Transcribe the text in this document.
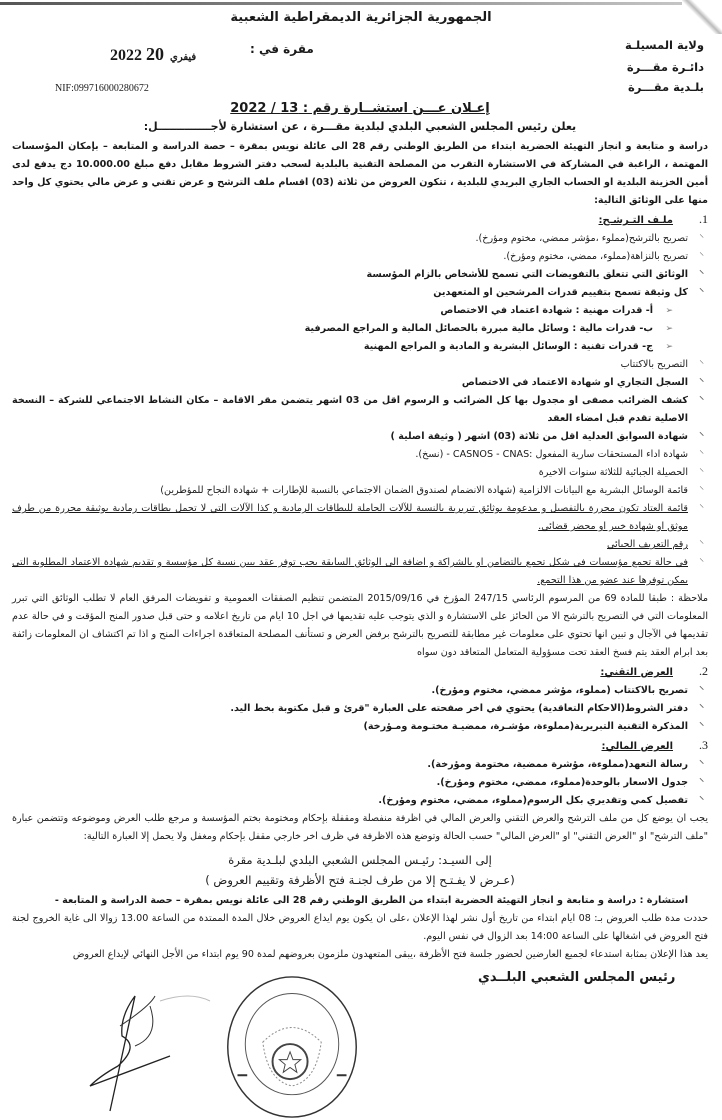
الجمهورية الجزائرية الديمقراطية الشعبية
ولاية المسيلـة
دائـرة مقـــرة
بلـدية مقـــرة
مقرة في :
2022	فيفري20
NIF:099716000280672

إعـلان عـــن استشــارة رقم : 13 / 2022

يعلن رئيس المجلس الشعبي البلدي لبلدية مقـــرة ، عن استشارة لأجــــــــــــــل:

دراسة و متابعة و انجاز التهيئة الحضرية ابتداء من الطريق الوطني رقم 28 الى عائلة نويس بمقرة – حصة الدراسة و المتابعة – بإمكان المؤسسات المهتمة ، الراغبة في المشاركة في الاستشارة التقرب من المصلحة التقنية بالبلدية لسحب دفتر الشروط مقابل دفع مبلغ 10.000.00 دج يدفع لدى أمين الخزينة البلدية او الحساب الجاري البريدي للبلدية ، تتكون العروض من ثلاثة (03) اقسام ملف الترشح و عرض تقني و عرض مالي يحتوي كل واحد منها على الوثائق التالية:

1.ملـف التـرشـح:

⸍ تصريح بالترشح(مملوء ،مؤشر ممضي، مختوم ومؤرخ).
⸍ تصريح بالنزاهة(مملوء، ممضي، مختوم ومؤرخ).
⸍ الوثائق التي تتعلق بالتفويضات التي تسمح للأشخاص بالزام المؤسسة
⸍ كل وثيقة تسمح بتقييم قدرات المرشحين او المتعهدين
➢ أ- قدرات مهنية : شهادة اعتماد في الاختصاص
➢ ب- قدرات مالية : وسائل مالية مبررة بالحصائل المالية و المراجع المصرفية
➢ ج- قدرات تقنية : الوسائل البشرية و المادية و المراجع المهنية
⸍ التصريح بالاكتتاب
⸍ السجل التجاري او شهادة الاعتماد في الاختصاص
⸍ كشف الضرائب مصفى او مجدول بها كل الضرائب و الرسوم اقل من 03 اشهر يتضمن مقر الاقامة – مكان النشاط الاجتماعي للشركة – النسخة الاصلية تقدم قبل امضاء العقد
⸍ شهادة السوابق العدلية اقل من ثلاثة (03) اشهر ( وثيقة اصلية )
⸍ شهادة اداء المستحقات سارية المفعول :CASNOS - CNAS - (نسخ).
⸍ الحصيلة الجبائية للثلاثة سنوات الاخيرة
⸍ قائمة الوسائل البشرية مع البيانات الالزامية (شهادة الانضمام لصندوق الضمان الاجتماعي بالنسبة للإطارات + شهادة النجاح للمؤطرين)
⸍ قائمة العتاد تكون محررة بالتفصيل و مدعومة بوثائق تبريرية بالنسبة للآلات الحاملة للبطاقات الرمادية و كذا الآلات التي لا تحمل بطاقات رمادية بوثيقة محررة من طرف موثق او شهادة خبير او محضر قضائي.
⸍ رقم التعريف الجبائي
⸍ في حالة تجمع مؤسسات في شكل تجمع بالتضامن او بالشراكة و اضافة الى الوثائق السابقة يجب توفر عقد يبين نسبة كل مؤسسة و تقديم شهادة الاعتماد المطلوبة التي يمكن توفرها عند عضو من هذا التجمع.

ملاحظة : طبقا للمادة 69 من المرسوم الرئاسي 247/15 المؤرخ في 2015/09/16 المتضمن تنظيم الصفقات العمومية و تفويضات المرفق العام لا تطلب الوثائق التي تبرر المعلومات التي في التصريح بالترشح الا من الحائز على الاستشارة و الذي يتوجب عليه تقديمها في اجل 10 ايام من تاريخ اعلامه و حتى قبل صدور المنح المؤقت و في حالة عدم تقديمها في الآجال و تبين انها تحتوي على معلومات غير مطابقة للتصريح بالترشح برفض العرض و تستأنف المصلحة المتعاقدة اجراءات المنح و اذا تم اكتشاف ان المعلومات زائفة بعد ابرام العقد يتم فسخ العقد تحت مسؤولية المتعامل المتعاقد دون سواه

2.العرض التقني:

⸍ تصريح بالاكتتاب (مملوء، مؤشر ممضي، مختوم ومؤرخ).
⸍ دفتر الشروط(الاحكام التعاقدية) يحتوي في اخر صفحته على العبارة "قرئ و قبل مكتوبة بخط اليد.
⸍ المذكرة التقنية التبريرية(مملوءة، مؤشـرة، ممضيـة مختـومة ومـؤرخة)

3.العرض المالي:

⸍ رسالة التعهد(مملوءة، مؤشرة ممضية، مختومة ومؤرخة).
⸍ جدول الاسعار بالوحدة(مملوء، ممضي، مختوم ومؤرخ).
⸍ تفصيل كمي وتقديري بكل الرسوم(مملوء، ممضي، مختوم ومؤرخ).

يجب ان يوضع كل من ملف الترشح والعرض التقني والعرض المالي في اظرفة منفصلة ومقفلة بإحكام ومختومة بختم المؤسسة و مرجع طلب العرض وموضوعه وتتضمن عبارة "ملف الترشح" او "العرض التقني" او "العرض المالي" حسب الحالة وتوضع هذه الاظرفة في ظرف اخر خارجي مقفل بإحكام ومغفل ولا يحمل إلا العبارة التالية:

إلى السيـد: رئيـس المجلس الشعبي البلدي لبلـدية مقرة

(عـرض لا يفـتـح إلا من طرف لجنـة فتح الأظرفة وتقييم العروض )

استشارة : دراسة و متابعة و انجاز التهيئة الحضرية ابتداء من الطريق الوطني رقم 28 الى عائلة نويس بمقرة – حصة الدراسة و المتابعة -

حددت مدة طلب العروض بـ: 08 ايام ابتداء من تاريخ أول نشر لهذا الإعلان ،على ان يكون يوم ايداع العروض خلال المدة الممتدة من الساعة 13.00 زوالا الى غاية الخروج لجنة فتح العروض في اشغالها على الساعة 14:00 بعد الزوال في نفس اليوم.

يعد هذا الإعلان بمثابة استدعاء لجميع العارضين لحضور جلسة فتح الأظرفة ،يبقى المتعهدون ملزمون بعروضهم لمدة 90 يوم ابتداء من الأجل النهائي لإيداع العروض

رئيس المجلس الشعبي البلــدي
